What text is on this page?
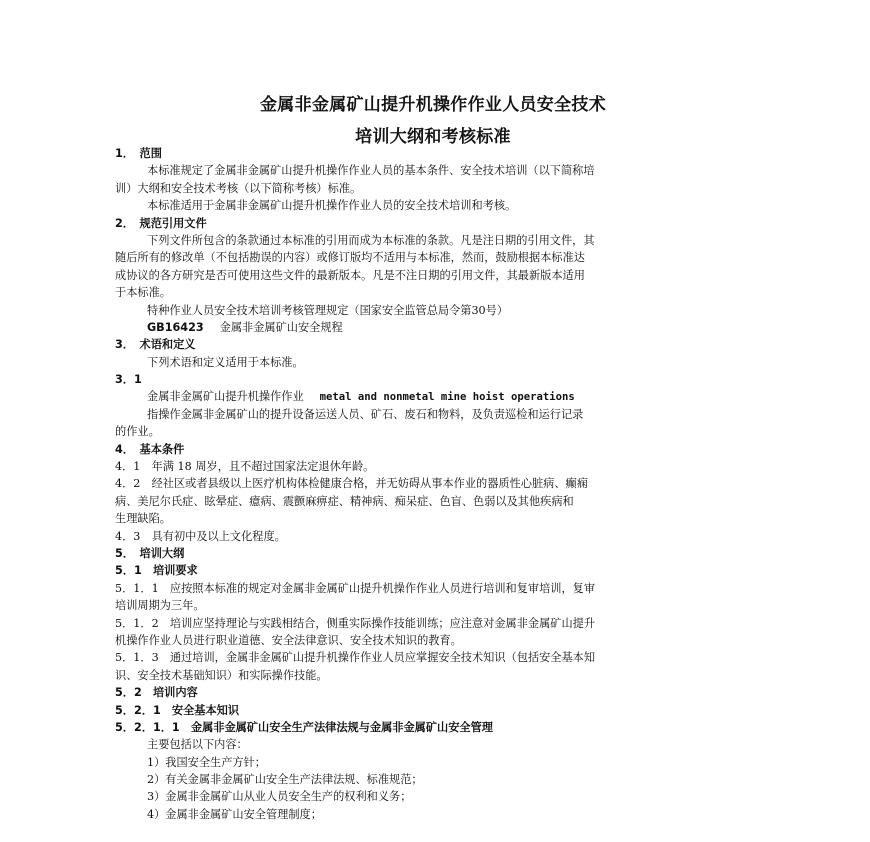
金属非金属矿山提升机操作作业人员安全技术
培训大纲和考核标准
1．　范围
本标准规定了金属非金属矿山提升机操作作业人员的基本条件、安全技术培训（以下简称培
训）大纲和安全技术考核（以下简称考核）标准。
本标准适用于金属非金属矿山提升机操作作业人员的安全技术培训和考核。
2．　规范引用文件
下列文件所包含的条款通过本标准的引用而成为本标准的条款。凡是注日期的引用文件，其
随后所有的修改单（不包括勘误的内容）或修订版均不适用与本标准，然而，鼓励根据本标准达
成协议的各方研究是否可使用这些文件的最新版本。凡是不注日期的引用文件，其最新版本适用
于本标准。
特种作业人员安全技术培训考核管理规定（国家安全监管总局令第30号）
GB16423 金属非金属矿山安全规程
3．　术语和定义
下列术语和定义适用于本标准。
3．1
金属非金属矿山提升机操作作业 metal and nonmetal mine hoist operations
指操作金属非金属矿山的提升设备运送人员、矿石、废石和物料，及负责巡检和运行记录
的作业。
4．　基本条件
4．1　年满 18 周岁，且不超过国家法定退休年龄。
4．2　经社区或者县级以上医疗机构体检健康合格，并无妨碍从事本作业的器质性心脏病、癫痫
病、美尼尔氏症、眩晕症、癔病、震颤麻痹症、精神病、痴呆症、色盲、色弱以及其他疾病和
生理缺陷。
4．3　具有初中及以上文化程度。
5．　培训大纲
5．1　培训要求
5．1．1　应按照本标准的规定对金属非金属矿山提升机操作作业人员进行培训和复审培训，复审
培训周期为三年。
5．1．2　培训应坚持理论与实践相结合，侧重实际操作技能训练；应注意对金属非金属矿山提升
机操作作业人员进行职业道德、安全法律意识、安全技术知识的教育。
5．1．3　通过培训，金属非金属矿山提升机操作作业人员应掌握安全技术知识（包括安全基本知
识、安全技术基础知识）和实际操作技能。
5．2　培训内容
5．2．1　安全基本知识
5．2．1．1　金属非金属矿山安全生产法律法规与金属非金属矿山安全管理
主要包括以下内容：
1）我国安全生产方针；
2）有关金属非金属矿山安全生产法律法规、标准规范；
3）金属非金属矿山从业人员安全生产的权利和义务；
4）金属非金属矿山安全管理制度；
